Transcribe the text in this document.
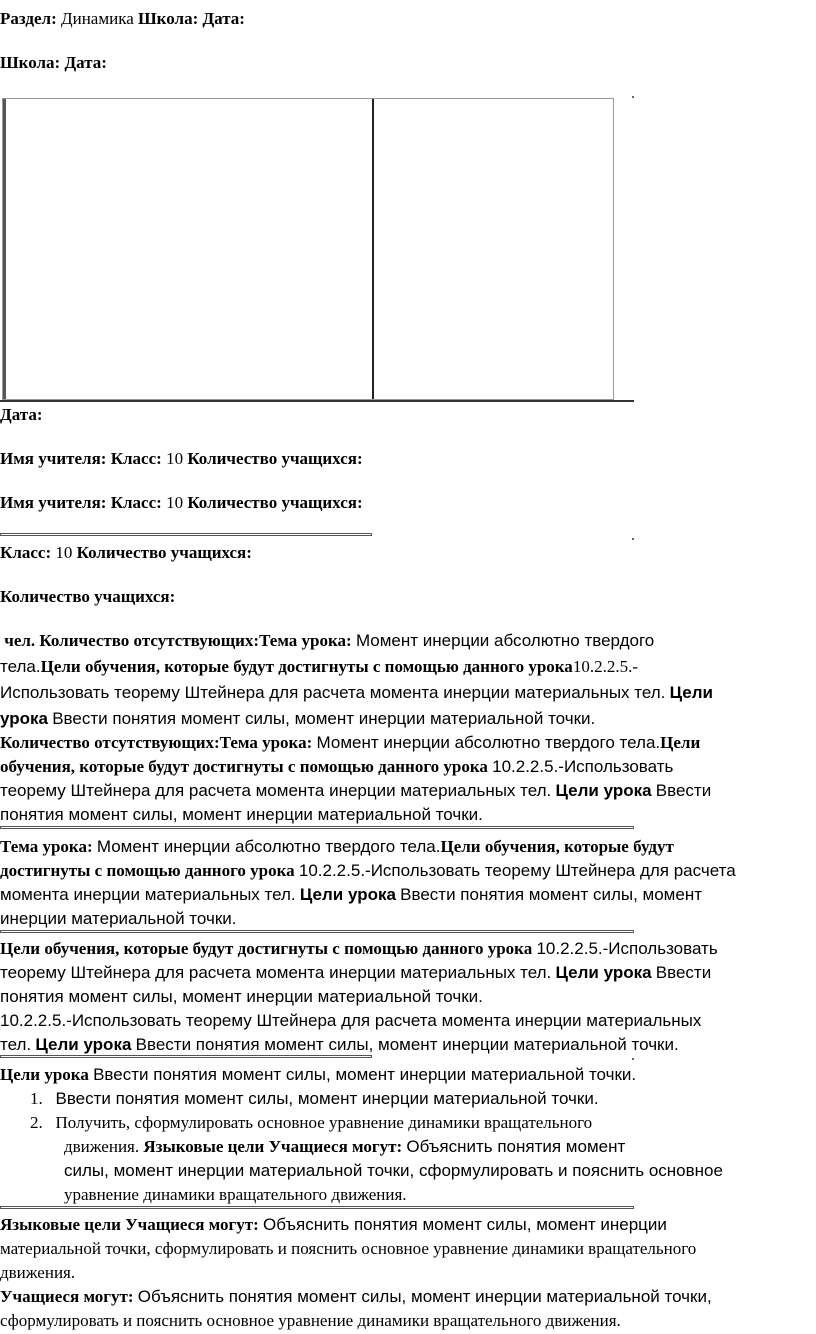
Раздел: Динамика Школа: Дата:
Школа: Дата:
Дата:
Имя учителя: Класс: 10 Количество учащихся:
Имя учителя: Класс: 10 Количество учащихся:
Класс: 10 Количество учащихся:
Количество учащихся:
чел. Количество отсутствующих:
Тема урока: Момент инерции абсолютно твердого
тела.
Цели обучения, которые будут достигнуты с помощью данного урока
10.2.2.5.-
Использовать теорему Штейнера для расчета момента инерции материальных тел.
Цели
урока Ввести понятия момент силы, момент инерции материальной точки.
Количество отсутствующих:
Тема урока: Момент инерции абсолютно твердого тела.
Цели
обучения, которые будут достигнуты с помощью данного урока 10.2.2.5.-Использовать
теорему Штейнера для расчета момента инерции материальных тел.
Цели урока Ввести
понятия момент силы, момент инерции материальной точки.
Тема урока: Момент инерции абсолютно твердого тела.
Цели обучения, которые будут
достигнуты с помощью данного урока 10.2.2.5.-Использовать теорему Штейнера для расчета
момента инерции материальных тел.
Цели урока Ввести понятия момент силы, момент
инерции материальной точки.
Цели обучения, которые будут достигнуты с помощью данного урока 10.2.2.5.-Использовать
теорему Штейнера для расчета момента инерции материальных тел.
Цели урока Ввести
понятия момент силы, момент инерции материальной точки.
10.2.2.5.-Использовать теорему Штейнера для расчета момента инерции материальных
тел.
Цели урока Ввести понятия момент силы, момент инерции материальной точки.
Цели урока Ввести понятия момент силы, момент инерции материальной точки.
1. Ввести понятия момент силы, момент инерции материальной точки.
2. Получить, сформулировать основное уравнение динамики вращательного
движения.
Языковые цели Учащиеся могут: Объяснить понятия момент
силы, момент инерции материальной точки, сформулировать и пояснить основное
уравнение динамики вращательного движения.
Языковые цели Учащиеся могут: Объяснить понятия момент силы, момент инерции
материальной точки, сформулировать и пояснить основное уравнение динамики вращательного
движения.
Учащиеся могут: Объяснить понятия момент силы, момент инерции материальной точки,
сформулировать и пояснить основное уравнение динамики вращательного движения.
